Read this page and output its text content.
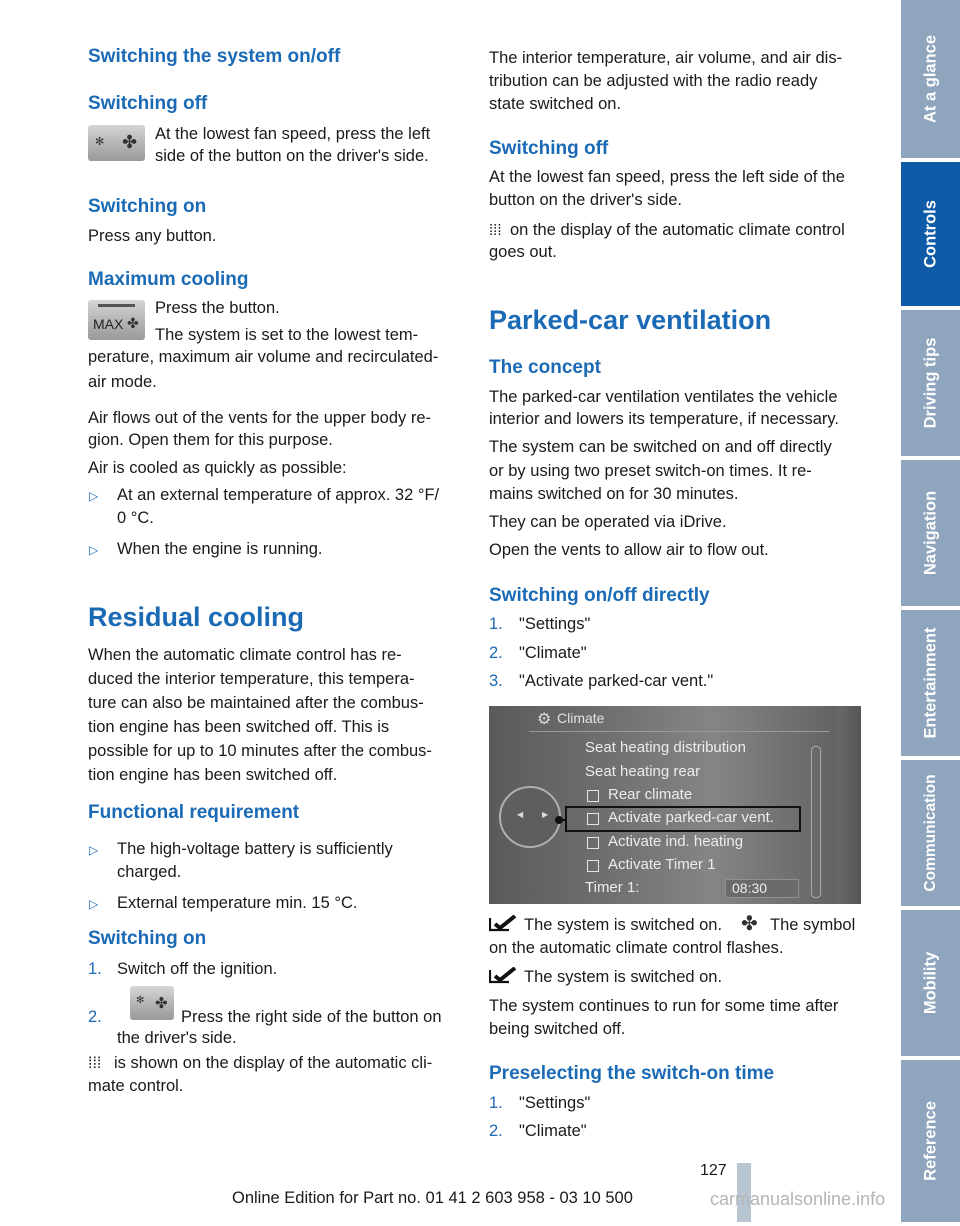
Switching the system on/off
Switching off
✻ ✤ At the lowest fan speed, press the left
side of the button on the driver's side.
Switching on
Press any button.
Maximum cooling
MAX ✤
Press the button.
The system is set to the lowest tem-
perature, maximum air volume and recirculated-
air mode.
Air flows out of the vents for the upper body re-
gion. Open them for this purpose.
Air is cooled as quickly as possible:
▷ At an external temperature of approx. 32 °F/
0 °C.
▷ When the engine is running.
Residual cooling
When the automatic climate control has re-
duced the interior temperature, this tempera-
ture can also be maintained after the combus-
tion engine has been switched off. This is
possible for up to 10 minutes after the combus-
tion engine has been switched off.
Functional requirement
▷ The high-voltage battery is sufficiently
charged.
▷ External temperature min. 15 °C.
Switching on
1. Switch off the ignition.
2.
✻ ✤
Press the right side of the button on
the driver's side.
⁞⁞⁞ is shown on the display of the automatic cli-
mate control.
The interior temperature, air volume, and air dis-
tribution can be adjusted with the radio ready
state switched on.
Switching off
At the lowest fan speed, press the left side of the
button on the driver's side.
⁞⁞⁞ on the display of the automatic climate control
goes out.
Parked-car ventilation
The concept
The parked-car ventilation ventilates the vehicle
interior and lowers its temperature, if necessary.
The system can be switched on and off directly
or by using two preset switch-on times. It re-
mains switched on for 30 minutes.
They can be operated via iDrive.
Open the vents to allow air to flow out.
Switching on/off directly
1. "Settings"
2. "Climate"
3. "Activate parked-car vent."
⚙ Climate
◀ ▶
Seat heating distribution
Seat heating rear
Rear climate
Activate parked-car vent.
Activate ind. heating
Activate Timer 1
Timer 1:	08:30
The system is switched on. ✤ The symbol
on the automatic climate control flashes.
The system is switched on.
The system continues to run for some time after
being switched off.
Preselecting the switch-on time
1. "Settings"
2. "Climate"
127
Online Edition for Part no. 01 41 2 603 958 - 03 10 500	carmanualsonline.info
At a glance
Controls
Driving tips
Navigation
Entertainment
Communication
Mobility
Reference
